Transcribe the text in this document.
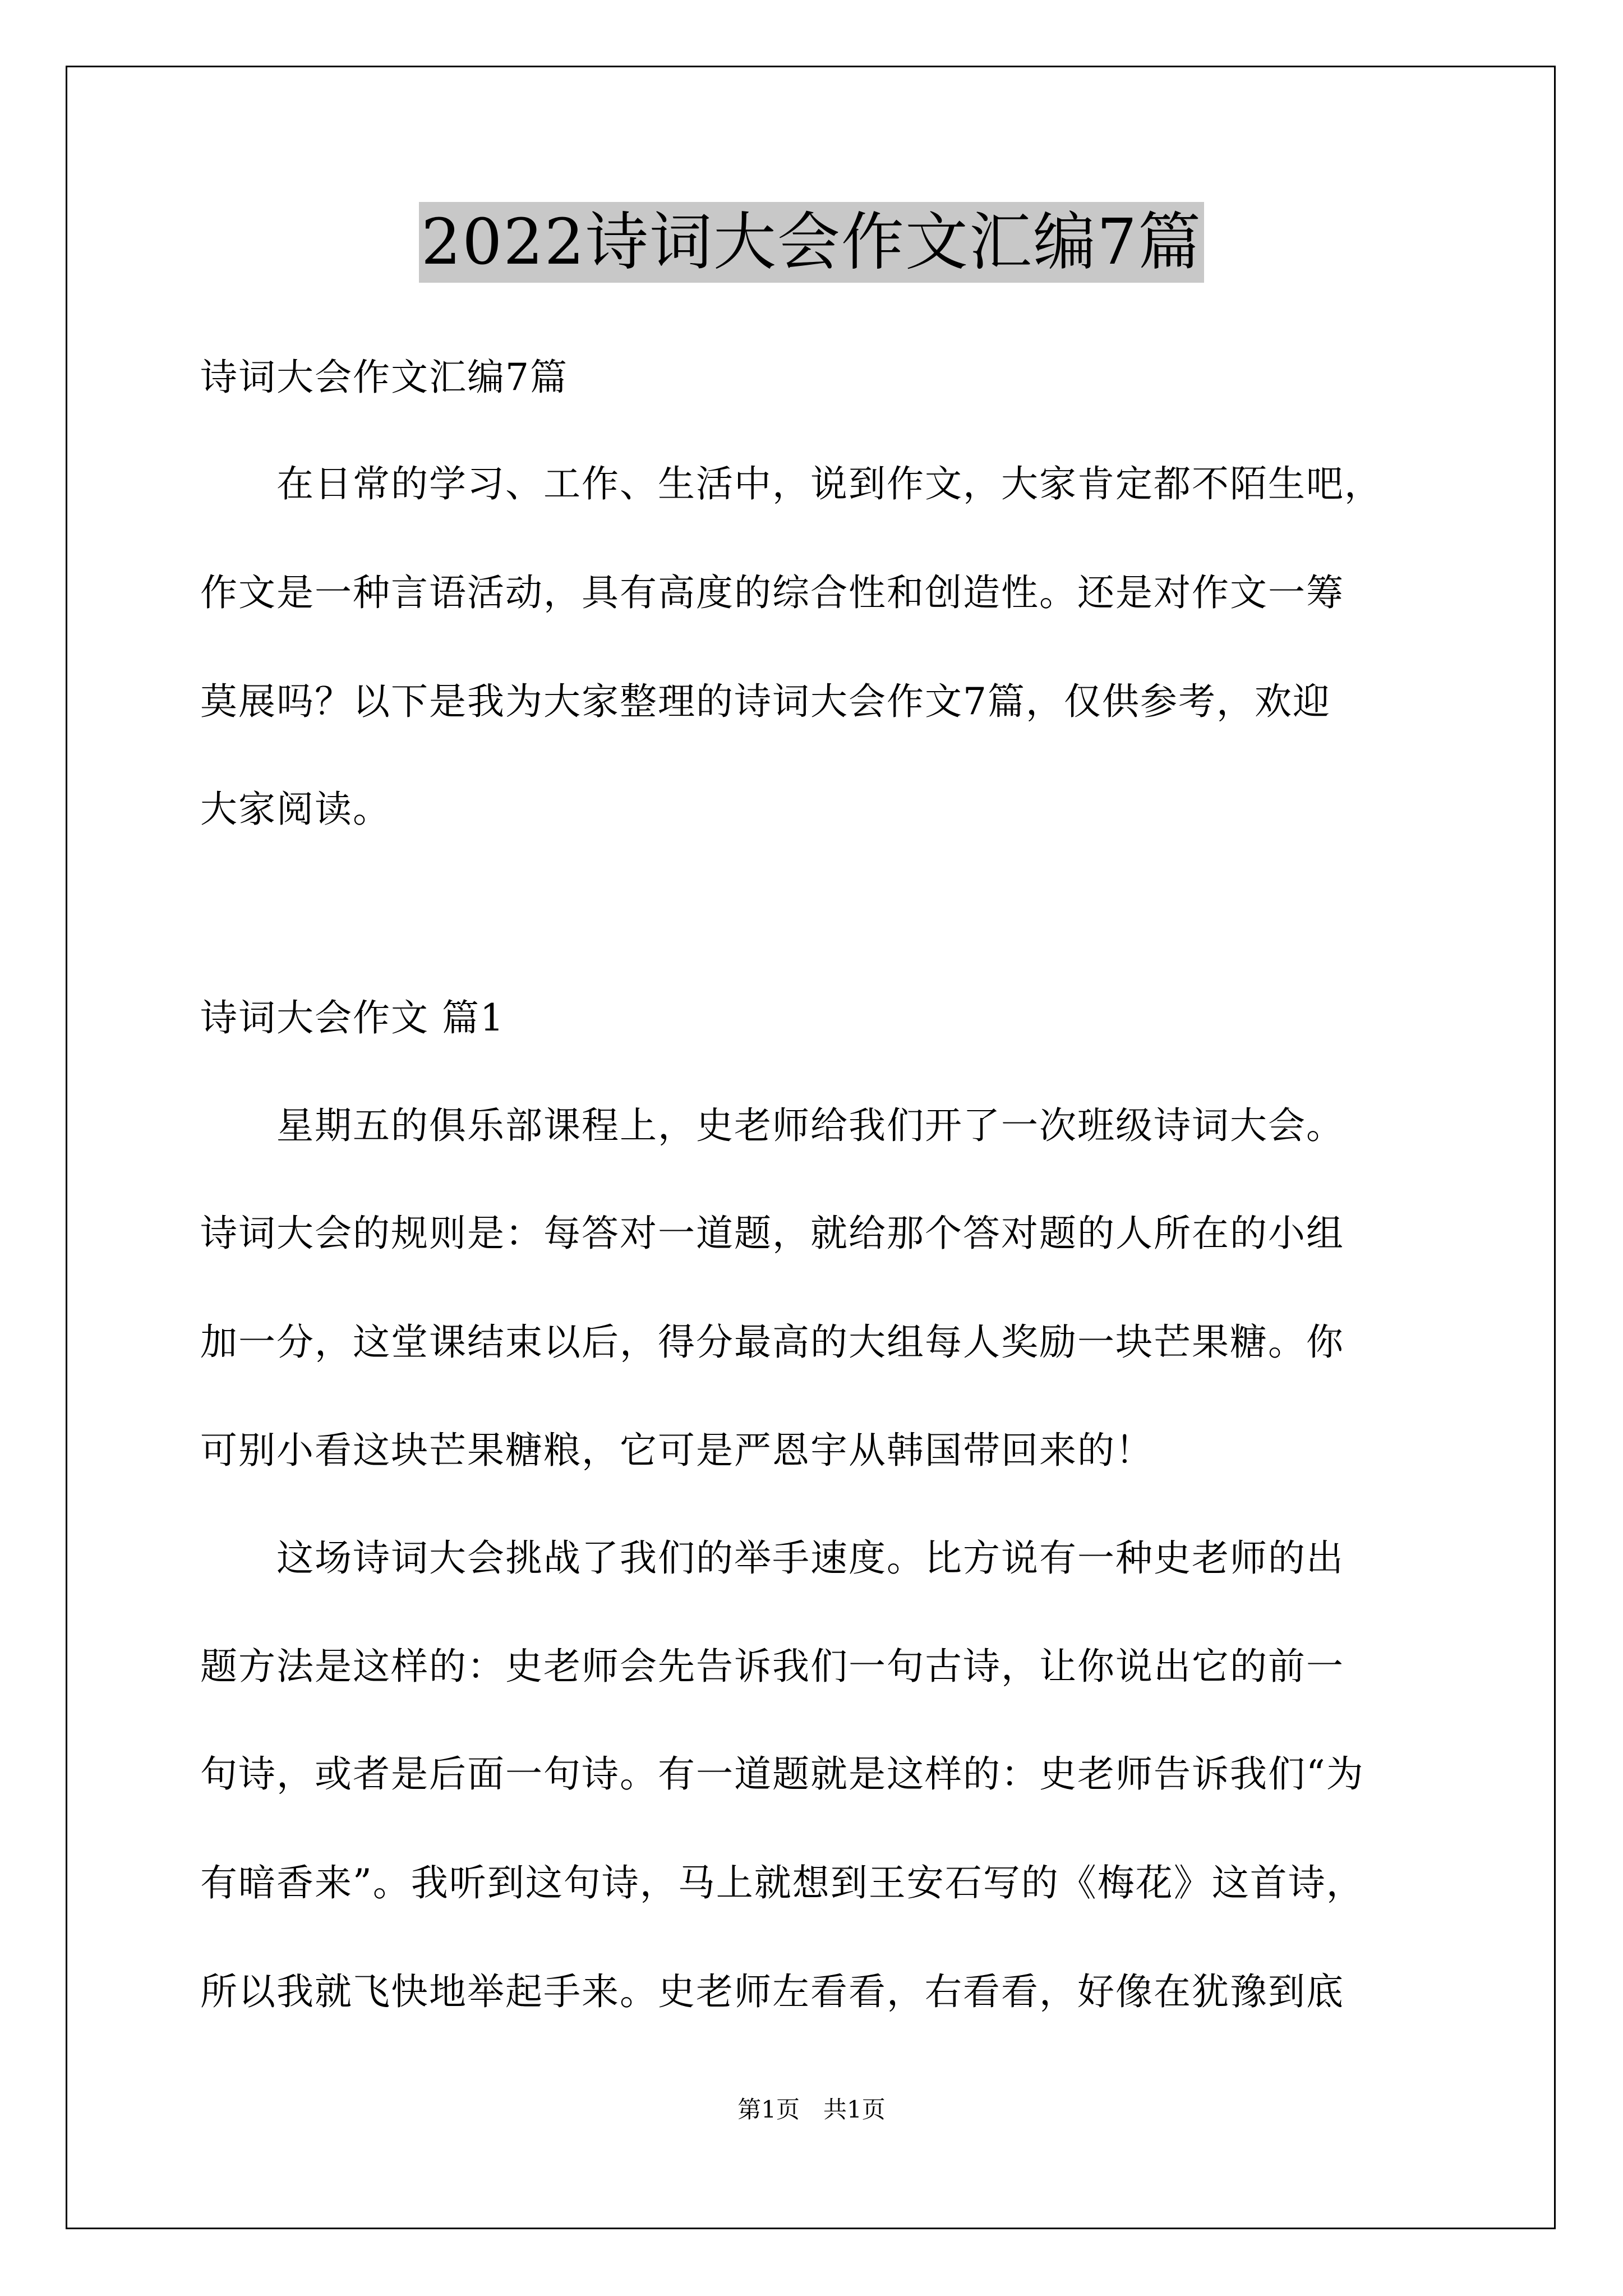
2022诗词大会作文汇编7篇
诗词大会作文汇编7篇
　　在日常的学习、工作、生活中，说到作文，大家肯定都不陌生吧，
作文是一种言语活动，具有高度的综合性和创造性。还是对作文一筹
莫展吗？以下是我为大家整理的诗词大会作文7篇，仅供参考，欢迎
大家阅读。
诗词大会作文 篇1
　　星期五的俱乐部课程上，史老师给我们开了一次班级诗词大会。
诗词大会的规则是：每答对一道题，就给那个答对题的人所在的小组
加一分，这堂课结束以后，得分最高的大组每人奖励一块芒果糖。你
可别小看这块芒果糖粮，它可是严恩宇从韩国带回来的！
　　这场诗词大会挑战了我们的举手速度。比方说有一种史老师的出
题方法是这样的：史老师会先告诉我们一句古诗，让你说出它的前一
句诗，或者是后面一句诗。有一道题就是这样的：史老师告诉我们“为
有暗香来”。我听到这句诗，马上就想到王安石写的《梅花》这首诗，
所以我就飞快地举起手来。史老师左看看，右看看，好像在犹豫到底
第1页　共1页
